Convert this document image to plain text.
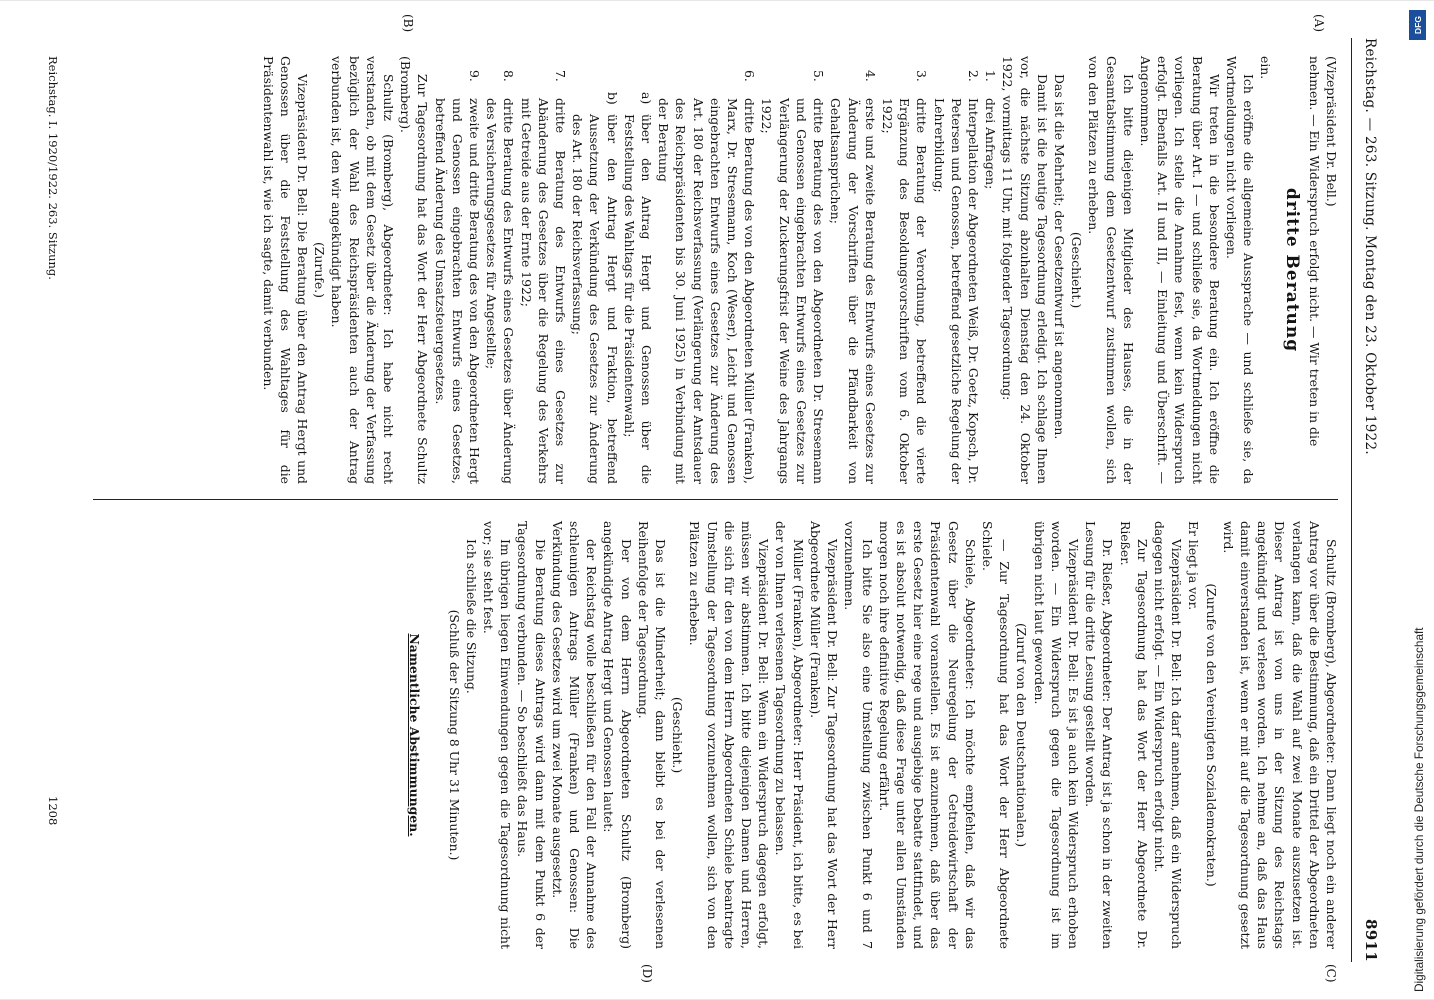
Reichstag. — 263. Sitzung. Montag den 23. Oktober 1922.
8911
(A)
(B)
(C)
(D)

(Vizepräsident Dr. Bell.)

nehmen. — Ein Widerspruch erfolgt nicht. — Wir treten in die

dritte Beratung

ein.

Ich eröffne die allgemeine Aussprache — und schließe sie, da Wortmeldungen nicht vorliegen.

Wir treten in die besondere Beratung ein. Ich eröffne die Beratung über Art. I — und schließe sie, da Wortmeldungen nicht vorliegen. Ich stelle die Annahme fest, wenn kein Widerspruch erfolgt. Ebenfalls Art. II und III, — Einleitung und Überschrift. — Angenommen.

Ich bitte diejenigen Mitglieder des Hauses, die in der Gesamtabstimmung dem Gesetzentwurf zustimmen wollen, sich von den Plätzen zu erheben.

(Geschieht.)

Das ist die Mehrheit; der Gesetzentwurf ist angenommen.

Damit ist die heutige Tagesordnung erledigt. Ich schlage Ihnen vor, die nächste Sitzung abzuhalten Dienstag den 24. Oktober 1922, vormittags 11 Uhr, mit folgender Tagesordnung:

1.
drei Anfragen;
2.
Interpellation der Abgeordneten Weiß, Dr. Goetz, Kopsch, Dr. Petersen und Genossen, betreffend gesetzliche Regelung der Lehrerbildung;
3.
dritte Beratung der Verordnung, betreffend die vierte Ergänzung des Besoldungsvorschriften vom 6. Oktober 1922;
4.
erste und zweite Beratung des Entwurfs eines Gesetzes zur Änderung der Vorschriften über die Pfändbarkeit von Gehaltsansprüchen;
5.
dritte Beratung des von den Abgeordneten Dr. Stresemann und Genossen eingebrachten Entwurfs eines Gesetzes zur Verlängerung der Zuckerungsfrist der Weine des Jahrgangs 1922;
6.
dritte Beratung des von den Abgeordneten Müller (Franken), Marx, Dr. Stresemann, Koch (Weser), Leicht und Genossen eingebrachten Entwurfs eines Gesetzes zur Änderung des Art. 180 der Reichsverfassung (Verlängerung der Amtsdauer des Reichspräsidenten bis 30. Juni 1925) in Verbindung mit der Beratung
a)
über den Antrag Hergt und Genossen über die Feststellung des Wahltags für die Präsidentenwahl;
b)
über den Antrag Hergt und Fraktion, betreffend Aussetzung der Verkündung des Gesetzes zur Änderung des Art. 180 der Reichsverfassung;
7.
dritte Beratung des Entwurfs eines Gesetzes zur Abänderung des Gesetzes über die Regelung des Verkehrs mit Getreide aus der Ernte 1922;
8.
dritte Beratung des Entwurfs eines Gesetzes über Änderung des Versicherungsgesetzes für Angestellte;
9.
zweite und dritte Beratung des von den Abgeordneten Hergt und Genossen eingebrachten Entwurfs eines Gesetzes, betreffend Änderung des Umsatzsteuergesetzes.

Zur Tagesordnung hat das Wort der Herr Abgeordnete Schultz (Bromberg).

Schultz (Bromberg), Abgeordneter: Ich habe nicht recht verstanden, ob mit dem Gesetz über die Änderung der Verfassung bezüglich der Wahl des Reichspräsidenten auch der Antrag verbunden ist, den wir angekündigt haben.

(Zurufe.)

Vizepräsident Dr. Bell: Die Beratung über den Antrag Hergt und Genossen über die Feststellung des Wahltages für die Präsidentenwahl ist, wie ich sagte, damit verbunden.

Schultz (Bromberg), Abgeordneter: Dann liegt noch ein anderer Antrag vor über die Bestimmung, daß ein Drittel der Abgeordneten verlangen kann, daß die Wahl auf zwei Monate auszusetzen ist. Dieser Antrag ist von uns in der Sitzung des Reichstags angekündigt und verlesen worden. Ich nehme an, daß das Haus damit einverstanden ist, wenn er mit auf die Tagesordnung gesetzt wird.

(Zurufe von den Vereinigten Sozialdemokraten.)

Er liegt ja vor.

Vizepräsident Dr. Bell: Ich darf annehmen, daß ein Widerspruch dagegen nicht erfolgt. — Ein Widerspruch erfolgt nicht.

Zur Tagesordnung hat das Wort der Herr Abgeordnete Dr. Rießer.

Dr. Rießer, Abgeordneter: Der Antrag ist ja schon in der zweiten Lesung für die dritte Lesung gestellt worden.

Vizepräsident Dr. Bell: Es ist ja auch kein Widerspruch erhoben worden. — Ein Widerspruch gegen die Tagesordnung ist im übrigen nicht laut geworden.

(Zuruf von den Deutschnationalen.)

— Zur Tagesordnung hat das Wort der Herr Abgeordnete Schiele.

Schiele, Abgeordneter: Ich möchte empfehlen, daß wir das Gesetz über die Neuregelung der Getreidewirtschaft der Präsidentenwahl voranstellen. Es ist anzunehmen, daß über das erste Gesetz hier eine rege und ausgiebige Debatte stattfindet, und es ist absolut notwendig, daß diese Frage unter allen Umständen morgen noch ihre definitive Regelung erfährt.

Ich bitte Sie also eine Umstellung zwischen Punkt 6 und 7 vorzunehmen.

Vizepräsident Dr. Bell: Zur Tagesordnung hat das Wort der Herr Abgeordnete Müller (Franken).

Müller (Franken), Abgeordneter: Herr Präsident, ich bitte, es bei der von Ihnen verlesenen Tagesordnung zu belassen.

Vizepräsident Dr. Bell: Wenn ein Widerspruch dagegen erfolgt, müssen wir abstimmen. Ich bitte diejenigen Damen und Herren, die sich für den von dem Herrn Abgeordneten Schiele beantragte Umstellung der Tagesordnung vorzunehmen wollen, sich von den Plätzen zu erheben.

(Geschieht.)

Das ist die Minderheit; dann bleibt es bei der verlesenen Reihenfolge der Tagesordnung.

Der von dem Herrn Abgeordneten Schultz (Bromberg) angekündigte Antrag Hergt und Genossen lautet:

der Reichstag wolle beschließen für den Fall der Annahme des schleunigen Antrags Müller (Franken) und Genossen: Die Verkündung des Gesetzes wird um zwei Monate ausgesetzt.

Die Beratung dieses Antrags wird dann mit dem Punkt 6 der Tagesordnung verbunden. — So beschließt das Haus.

Im übrigen liegen Einwendungen gegen die Tagesordnung nicht vor; sie steht fest.

Ich schließe die Sitzung.

(Schluß der Sitzung 8 Uhr 31 Minuten.)

Namentliche Abstimmungen.

Reichstag. I. 1920/1922. 263. Sitzung.
1208	Digitalisierung gefördert durch die Deutsche Forschungsgemeinschaft
DFG
